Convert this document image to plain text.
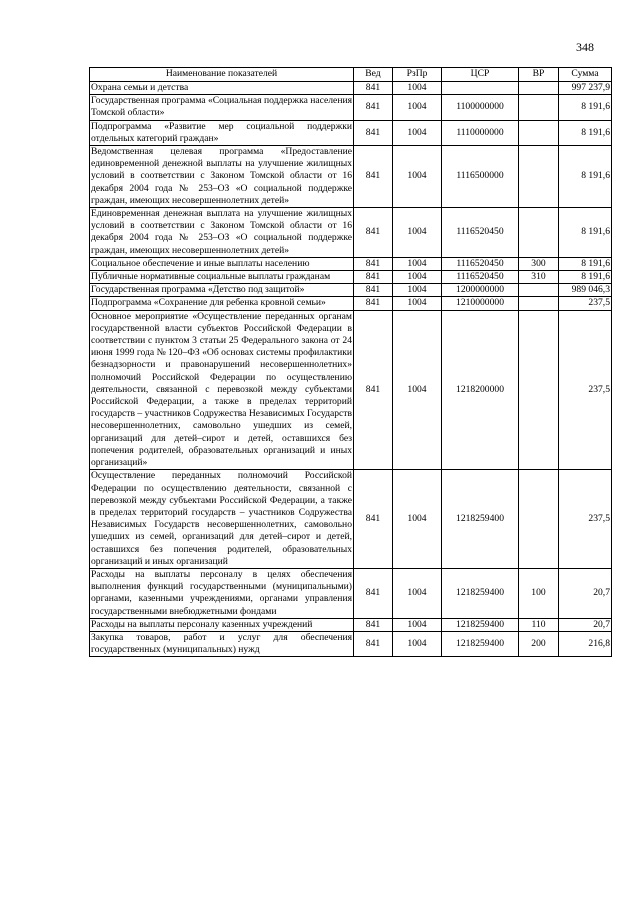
348
Наименование показателей	Вед	РзПр	ЦСР	ВР	Сумма
Охрана семьи и детства	841	1004			997 237,9
Государственная программа «Социальная поддержка населения Томской области»	841	1004	1100000000		8 191,6
Подпрограмма «Развитие мер социальной поддержки отдельных категорий граждан»	841	1004	1110000000		8 191,6
Ведомственная целевая программа «Предоставление единовременной денежной выплаты на улучшение жилищных условий в соответствии с Законом Томской области от 16 декабря 2004 года № 253–ОЗ «О социальной поддержке граждан, имеющих несовершеннолетних детей»	841	1004	1116500000		8 191,6
Единовременная денежная выплата на улучшение жилищных условий в соответствии с Законом Томской области от 16 декабря 2004 года № 253–ОЗ «О социальной поддержке граждан, имеющих несовершеннолетних детей»	841	1004	1116520450		8 191,6
Социальное обеспечение и иные выплаты населению	841	1004	1116520450	300	8 191,6
Публичные нормативные социальные выплаты гражданам	841	1004	1116520450	310	8 191,6
Государственная программа «Детство под защитой»	841	1004	1200000000		989 046,3
Подпрограмма «Сохранение для ребенка кровной семьи»	841	1004	1210000000		237,5
Основное мероприятие «Осуществление переданных органам государственной власти субъектов Российской Федерации в соответствии с пунктом 3 статьи 25 Федерального закона от 24 июня 1999 года № 120–ФЗ «Об основах системы профилактики безнадзорности и правонарушений несовершеннолетних» полномочий Российской Федерации по осуществлению деятельности, связанной с перевозкой между субъектами Российской Федерации, а также в пределах территорий государств – участников Содружества Независимых Государств несовершеннолетних, самовольно ушедших из семей, организаций для детей–сирот и детей, оставшихся без попечения родителей, образовательных организаций и иных организаций»	841	1004	1218200000		237,5
Осуществление переданных полномочий Российской Федерации по осуществлению деятельности, связанной с перевозкой между субъектами Российской Федерации, а также в пределах территорий государств – участников Содружества Независимых Государств несовершеннолетних, самовольно ушедших из семей, организаций для детей–сирот и детей, оставшихся без попечения родителей, образовательных организаций и иных организаций	841	1004	1218259400		237,5
Расходы на выплаты персоналу в целях обеспечения выполнения функций государственными (муниципальными) органами, казенными учреждениями, органами управления государственными внебюджетными фондами	841	1004	1218259400	100	20,7
Расходы на выплаты персоналу казенных учреждений	841	1004	1218259400	110	20,7
Закупка товаров, работ и услуг для обеспечения государственных (муниципальных) нужд	841	1004	1218259400	200	216,8
